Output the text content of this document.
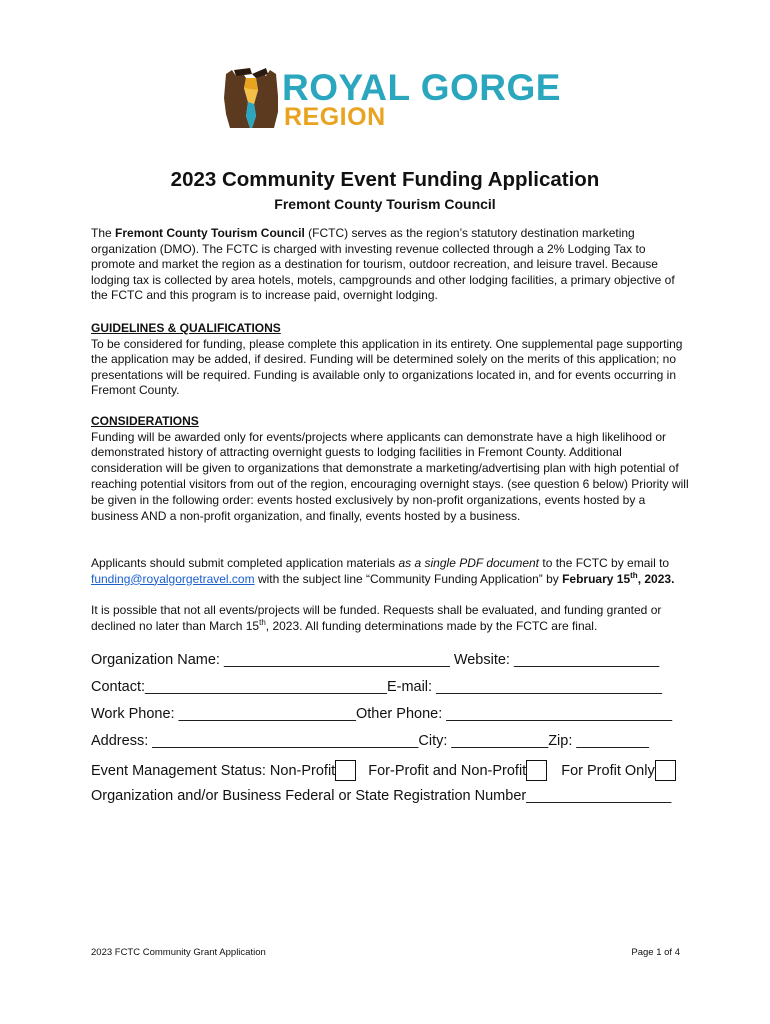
ROYAL GORGE
REGION
2023 Community Event Funding Application
Fremont County Tourism Council
The Fremont County Tourism Council (FCTC) serves as the region’s statutory destination marketing organization (DMO). The FCTC is charged with investing revenue collected through a 2% Lodging Tax to promote and market the region as a destination for tourism, outdoor recreation, and leisure travel. Because lodging tax is collected by area hotels, motels, campgrounds and other lodging facilities, a primary objective of the FCTC and this program is to increase paid, overnight lodging.
GUIDELINES & QUALIFICATIONS
To be considered for funding, please complete this application in its entirety. One supplemental page supporting the application may be added, if desired. Funding will be determined solely on the merits of this application; no presentations will be required. Funding is available only to organizations located in, and for events occurring in Fremont County.
CONSIDERATIONS
Funding will be awarded only for events/projects where applicants can demonstrate have a high likelihood or demonstrated history of attracting overnight guests to lodging facilities in Fremont County. Additional consideration will be given to organizations that demonstrate a marketing/advertising plan with high potential of reaching potential visitors from out of the region, encouraging overnight stays. (see question 6 below) Priority will be given in the following order: events hosted exclusively by non-profit organizations, events hosted by a business AND a non-profit organization, and finally, events hosted by a business.
Applicants should submit completed application materials as a single PDF document to the FCTC by email to funding@royalgorgetravel.com with the subject line “Community Funding Application” by February 15th, 2023.
It is possible that not all events/projects will be funded. Requests shall be evaluated, and funding granted or declined no later than March 15th, 2023. All funding determinations made by the FCTC are final.
Organization Name: ____________________________ Website: __________________
Contact:______________________________E-mail: ____________________________
Work Phone: ______________________Other Phone: ____________________________
Address: _________________________________City: ____________Zip: _________
Event Management Status: Non-Profit For-Profit and Non-Profit For Profit Only
Organization and/or Business Federal or State Registration Number__________________
2023 FCTC Community Grant Application	Page 1 of 4
